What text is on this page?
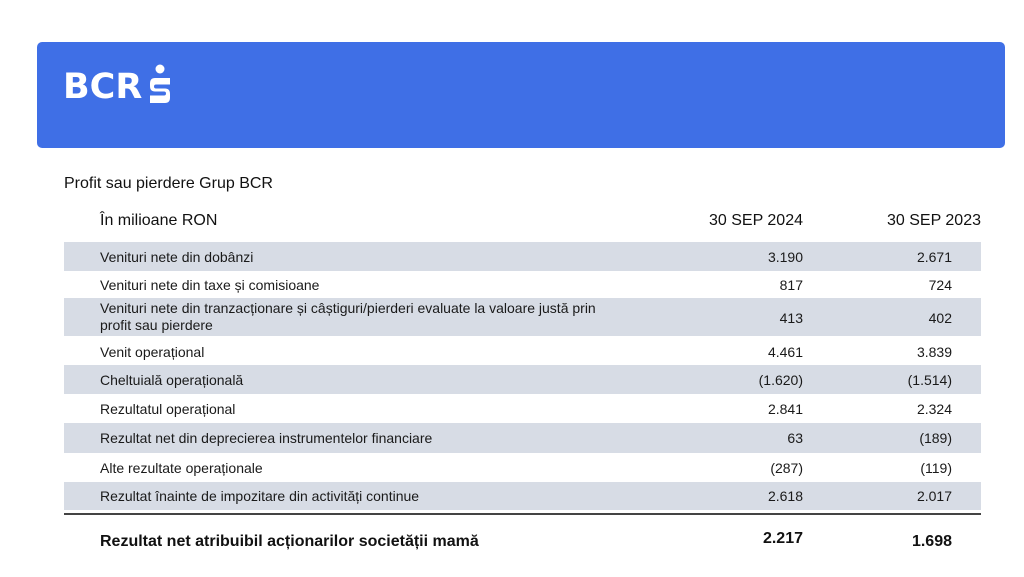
BCR
Profit sau pierdere Grup BCR
În milioane RON	30 SEP 2024	30 SEP 2023
Venituri nete din dobânzi	3.190	2.671
Venituri nete din taxe și comisioane	817	724
Venituri nete din tranzacționare și câștiguri/pierderi evaluate la valoare justă prin profit sau pierdere	413	402
Venit operațional	4.461	3.839
Cheltuială operațională	(1.620)	(1.514)
Rezultatul operațional	2.841	2.324
Rezultat net din deprecierea instrumentelor financiare	63	(189)
Alte rezultate operaționale	(287)	(119)
Rezultat înainte de impozitare din activități continue	2.618	2.017
Rezultat net atribuibil acționarilor societății mamă	2.217	1.698
